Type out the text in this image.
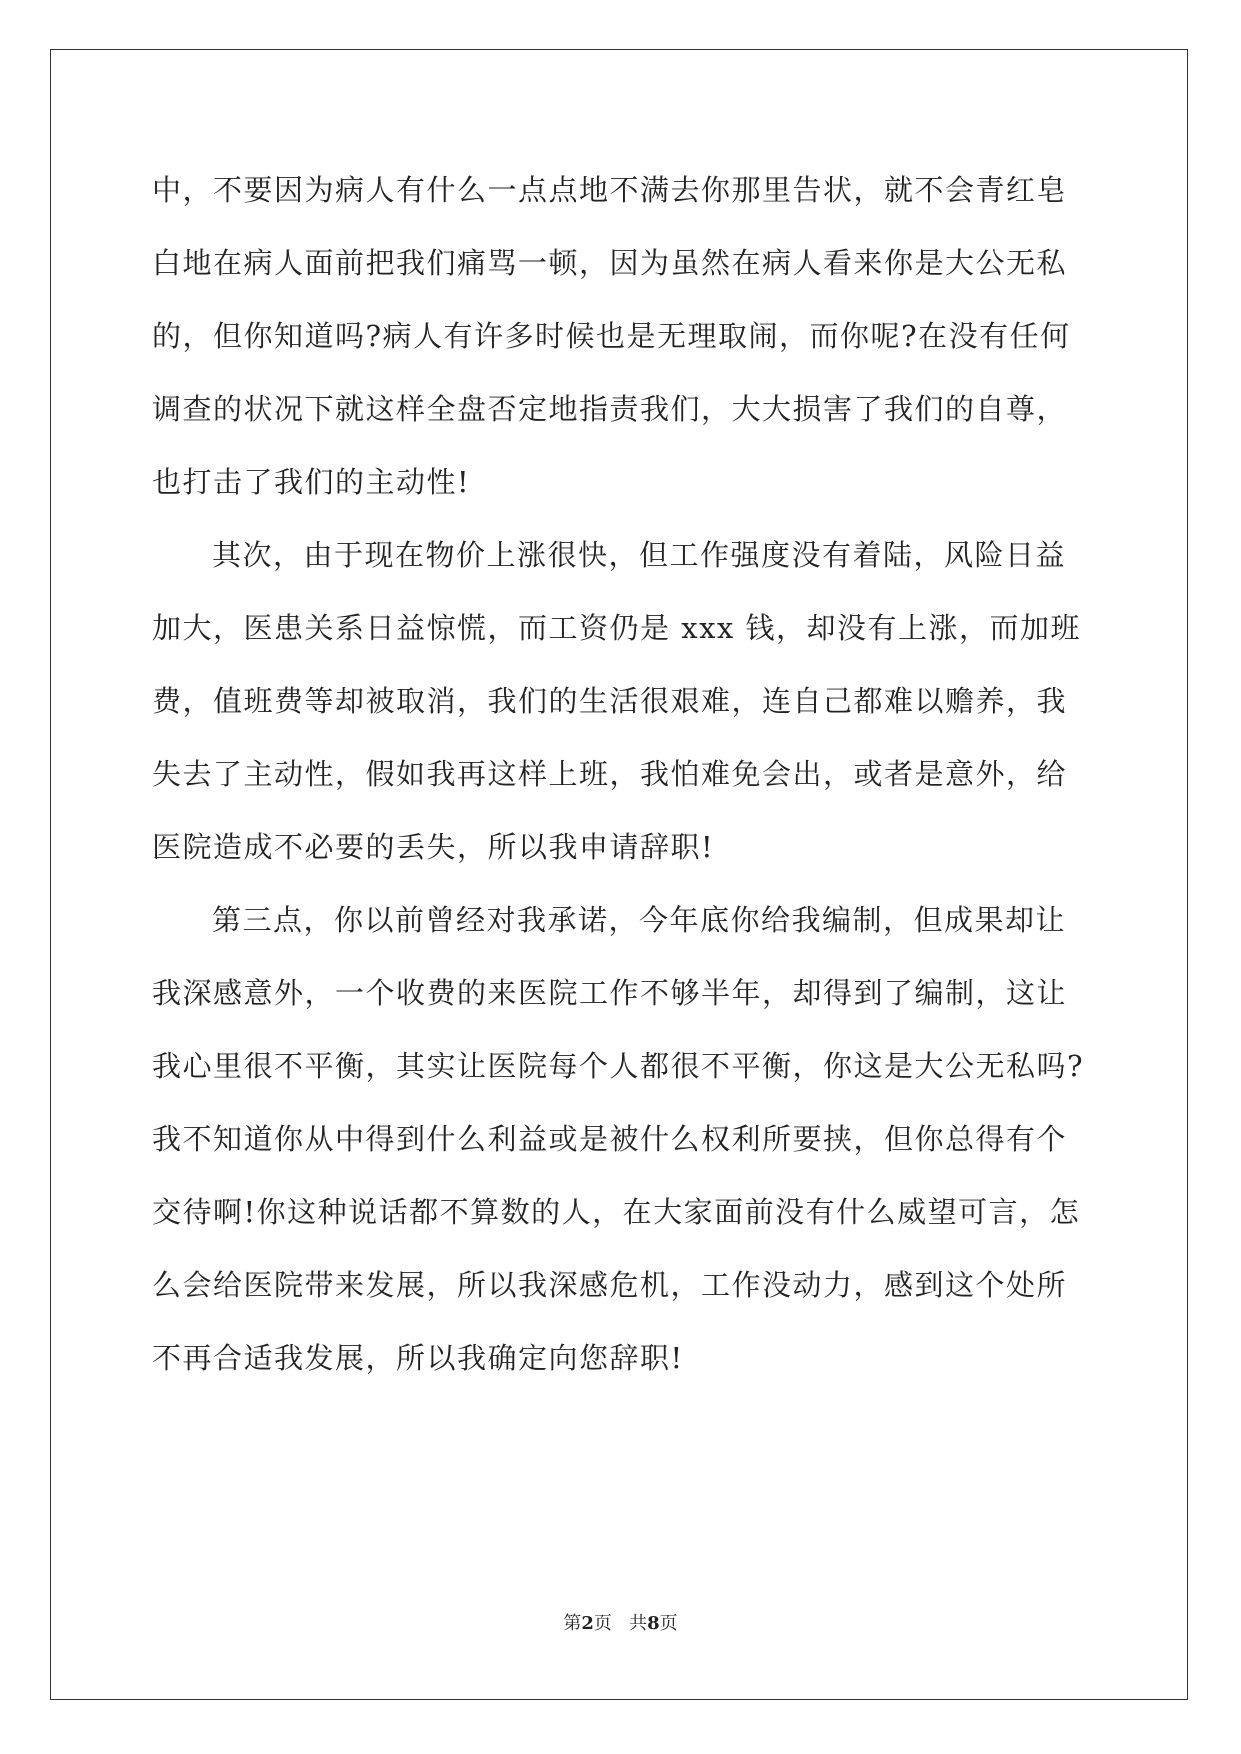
中，不要因为病人有什么一点点地不满去你那里告状，就不会青红皂
白地在病人面前把我们痛骂一顿，因为虽然在病人看来你是大公无私
的，但你知道吗?病人有许多时候也是无理取闹，而你呢?在没有任何
调查的状况下就这样全盘否定地指责我们，大大损害了我们的自尊，
也打击了我们的主动性!
其次，由于现在物价上涨很快，但工作强度没有着陆，风险日益
加大，医患关系日益惊慌，而工资仍是 xxx 钱，却没有上涨，而加班
费，值班费等却被取消，我们的生活很艰难，连自己都难以赡养，我
失去了主动性，假如我再这样上班，我怕难免会出，或者是意外，给
医院造成不必要的丢失，所以我申请辞职!
第三点，你以前曾经对我承诺，今年底你给我编制，但成果却让
我深感意外，一个收费的来医院工作不够半年，却得到了编制，这让
我心里很不平衡，其实让医院每个人都很不平衡，你这是大公无私吗?
我不知道你从中得到什么利益或是被什么权利所要挟，但你总得有个
交待啊!你这种说话都不算数的人，在大家面前没有什么威望可言，怎
么会给医院带来发展，所以我深感危机，工作没动力，感到这个处所
不再合适我发展，所以我确定向您辞职!
第2页 共8页
